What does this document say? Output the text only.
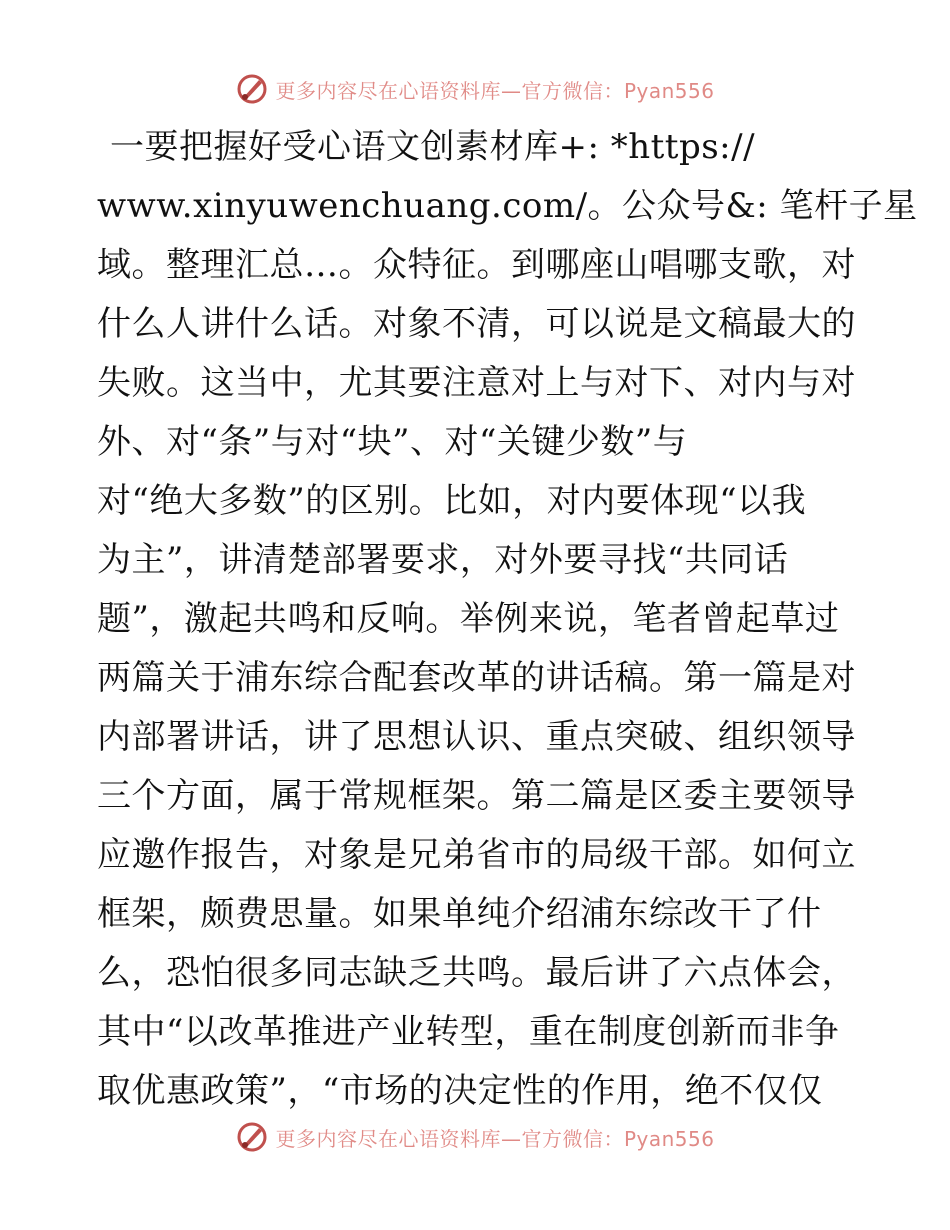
更多内容尽在心语资料库—官方微信：Pyan556
一要把握好受心语文创素材库+: *https://
www.xinyuwenchuang.com/。公众号&: 笔杆子星
域。整理汇总…。众特征。到哪座山唱哪支歌，对
什么人讲什么话。对象不清，可以说是文稿最大的
失败。这当中，尤其要注意对上与对下、对内与对
外、对“条”与对“块”、对“关键少数”与
对“绝大多数”的区别。比如，对内要体现“以我
为主”，讲清楚部署要求，对外要寻找“共同话
题”，激起共鸣和反响。举例来说，笔者曾起草过
两篇关于浦东综合配套改革的讲话稿。第一篇是对
内部署讲话，讲了思想认识、重点突破、组织领导
三个方面，属于常规框架。第二篇是区委主要领导
应邀作报告，对象是兄弟省市的局级干部。如何立
框架，颇费思量。如果单纯介绍浦东综改干了什
么，恐怕很多同志缺乏共鸣。最后讲了六点体会，
其中“以改革推进产业转型，重在制度创新而非争
取优惠政策”，“市场的决定性的作用，绝不仅仅
更多内容尽在心语资料库—官方微信：Pyan556
